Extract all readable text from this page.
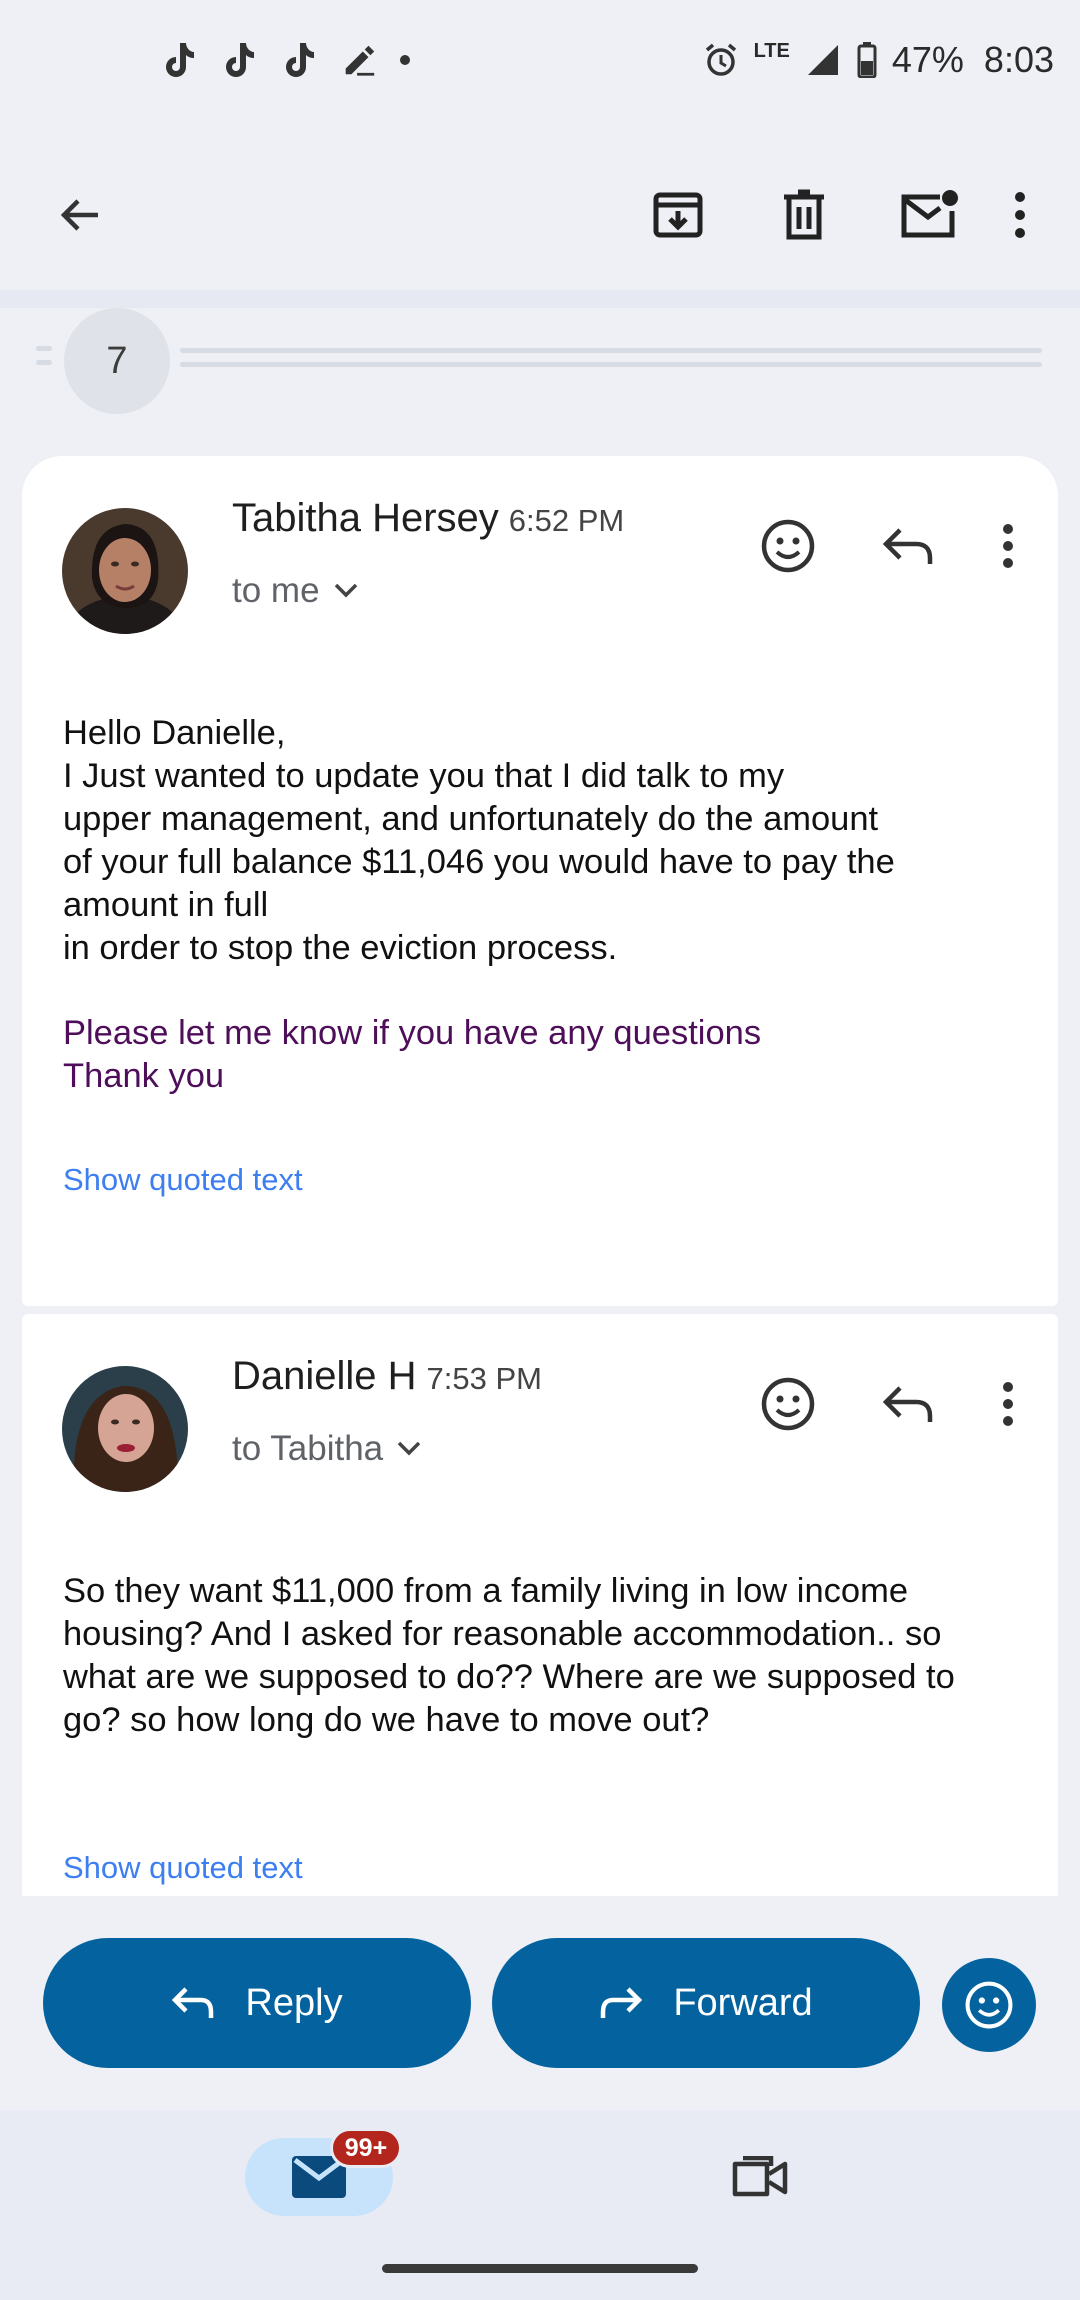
LTE	47% 8:03
7
Tabitha Hersey 6:52 PM
to me
Hello Danielle,
I Just wanted to update you that I did talk to my
upper management, and unfortunately do the amount
of your full balance $11,046 you would have to pay the
amount in full
in order to stop the eviction process.
Please let me know if you have any questions
Thank you
Show quoted text
Danielle H 7:53 PM
to Tabitha
So they want $11,000 from a family living in low income
housing? And I asked for reasonable accommodation.. so
what are we supposed to do?? Where are we supposed to
go? so how long do we have to move out?
Show quoted text
Reply	Forward
99+
